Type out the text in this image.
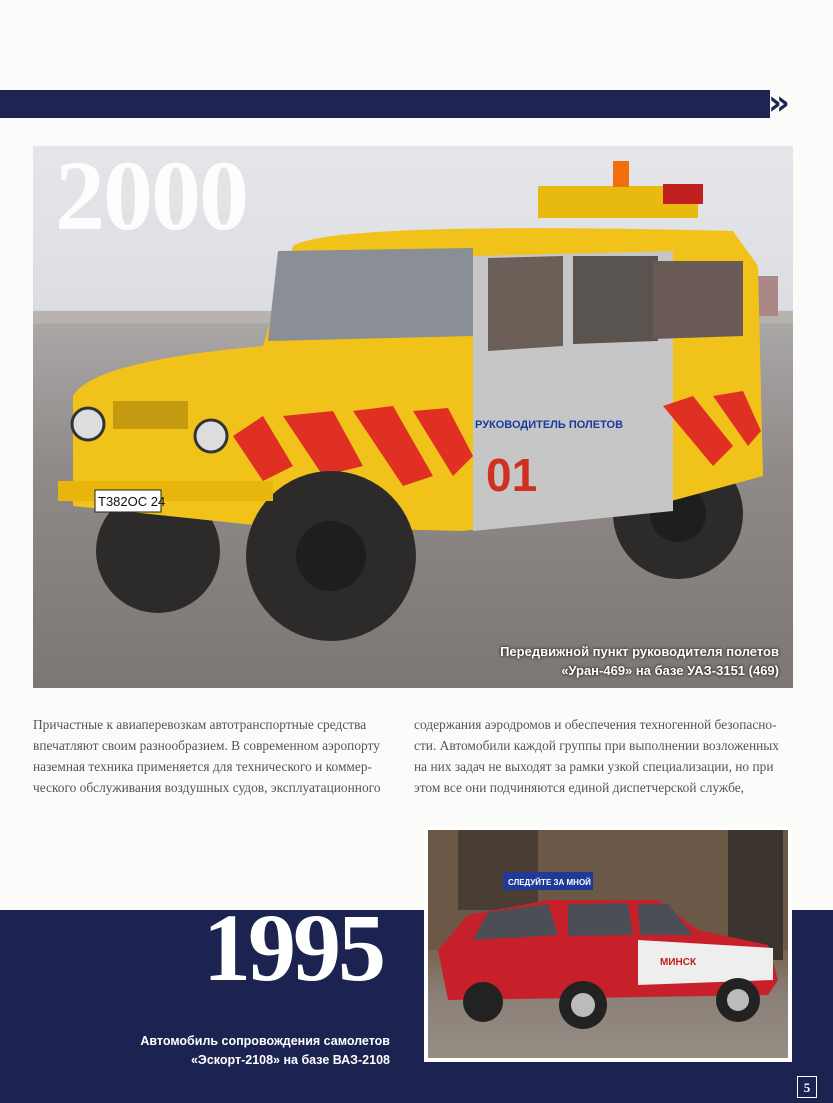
»
Т382ОС 24
РУКОВОДИТЕЛЬ ПОЛЕТОВ
01
2000
Передвижной пункт руководителя полетов
«Уран-469» на базе УАЗ-3151 (469)
Причастные к авиаперевозкам автотранспортные средства
впечатляют своим разнообразием. В современном аэропорту
наземная техника применяется для технического и коммер-
ческого обслуживания воздушных судов, эксплуатационного
содержания аэродромов и обеспечения техногенной безопасно-
сти. Автомобили каждой группы при выполнении возложенных
на них задач не выходят за рамки узкой специализации, но при
этом все они подчиняются единой диспетчерской службе,
1995
Автомобиль сопровождения самолетов
«Эскорт-2108» на базе ВАЗ-2108
СЛЕДУЙТЕ ЗА МНОЙ
МИНСК
5
